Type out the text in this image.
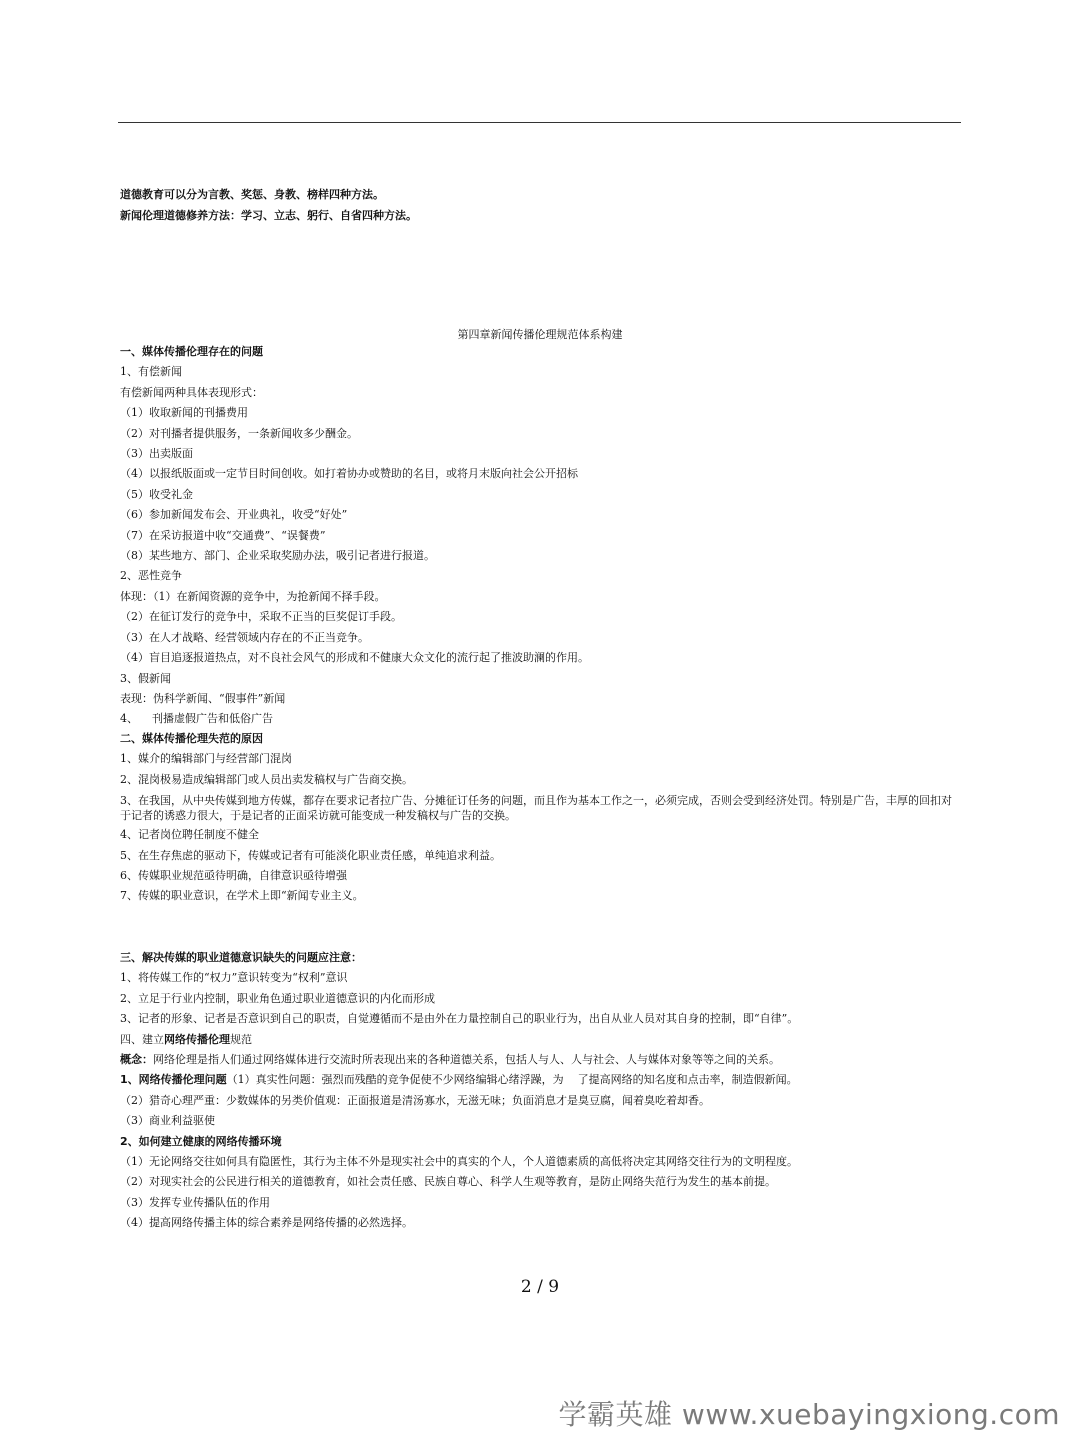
道德教育可以分为言教、奖惩、身教、榜样四种方法。
新闻伦理道德修养方法：学习、立志、躬行、自省四种方法。
第四章新闻传播伦理规范体系构建
一、媒体传播伦理存在的问题
1、有偿新闻
有偿新闻两种具体表现形式：
（1）收取新闻的刊播费用
（2）对刊播者提供服务，一条新闻收多少酬金。
（3）出卖版面
（4）以报纸版面或一定节目时间创收。如打着协办或赞助的名目，或将月末版向社会公开招标
（5）收受礼金
（6）参加新闻发布会、开业典礼，收受“好处”
（7）在采访报道中收“交通费”、“误餐费”
（8）某些地方、部门、企业采取奖励办法，吸引记者进行报道。
2、恶性竞争
体现：（1）在新闻资源的竞争中，为抢新闻不择手段。
（2）在征订发行的竞争中，采取不正当的巨奖促订手段。
（3）在人才战略、经营领域内存在的不正当竞争。
（4）盲目追逐报道热点，对不良社会风气的形成和不健康大众文化的流行起了推波助澜的作用。
3、假新闻
表现：伪科学新闻、“假事件”新闻
4、 刊播虚假广告和低俗广告
二、媒体传播伦理失范的原因
1、媒介的编辑部门与经营部门混岗
2、混岗极易造成编辑部门或人员出卖发稿权与广告商交换。
3、在我国，从中央传媒到地方传媒，都存在要求记者拉广告、分摊征订任务的问题，而且作为基本工作之一，必须完成，否则会受到经济处罚。特别是广告，丰厚的回扣对于记者的诱惑力很大，于是记者的正面采访就可能变成一种发稿权与广告的交换。
4、记者岗位聘任制度不健全
5、在生存焦虑的驱动下，传媒或记者有可能淡化职业责任感，单纯追求利益。
6、传媒职业规范亟待明确，自律意识亟待增强
7、传媒的职业意识，在学术上即“新闻专业主义。
三、解决传媒的职业道德意识缺失的问题应注意：
1、将传媒工作的“权力”意识转变为“权利”意识
2、立足于行业内控制，职业角色通过职业道德意识的内化而形成
3、记者的形象、记者是否意识到自己的职责，自觉遵循而不是由外在力量控制自己的职业行为，出自从业人员对其自身的控制，即“自律”。
四、建立网络传播伦理规范
概念：网络伦理是指人们通过网络媒体进行交流时所表现出来的各种道德关系，包括人与人、人与社会、人与媒体对象等等之间的关系。
1、网络传播伦理问题（1）真实性问题：强烈而残酷的竞争促使不少网络编辑心绪浮躁，为 了提高网络的知名度和点击率，制造假新闻。
（2）猎奇心理严重：少数媒体的另类价值观：正面报道是清汤寡水，无滋无味；负面消息才是臭豆腐，闻着臭吃着却香。
（3）商业利益驱使
2、如何建立健康的网络传播环境
（1）无论网络交往如何具有隐匿性，其行为主体不外是现实社会中的真实的个人，个人道德素质的高低将决定其网络交往行为的文明程度。
（2）对现实社会的公民进行相关的道德教育，如社会责任感、民族自尊心、科学人生观等教育，是防止网络失范行为发生的基本前提。
（3）发挥专业传播队伍的作用
（4）提高网络传播主体的综合素养是网络传播的必然选择。
2 / 9
学霸英雄 www.xuebayingxiong.com
